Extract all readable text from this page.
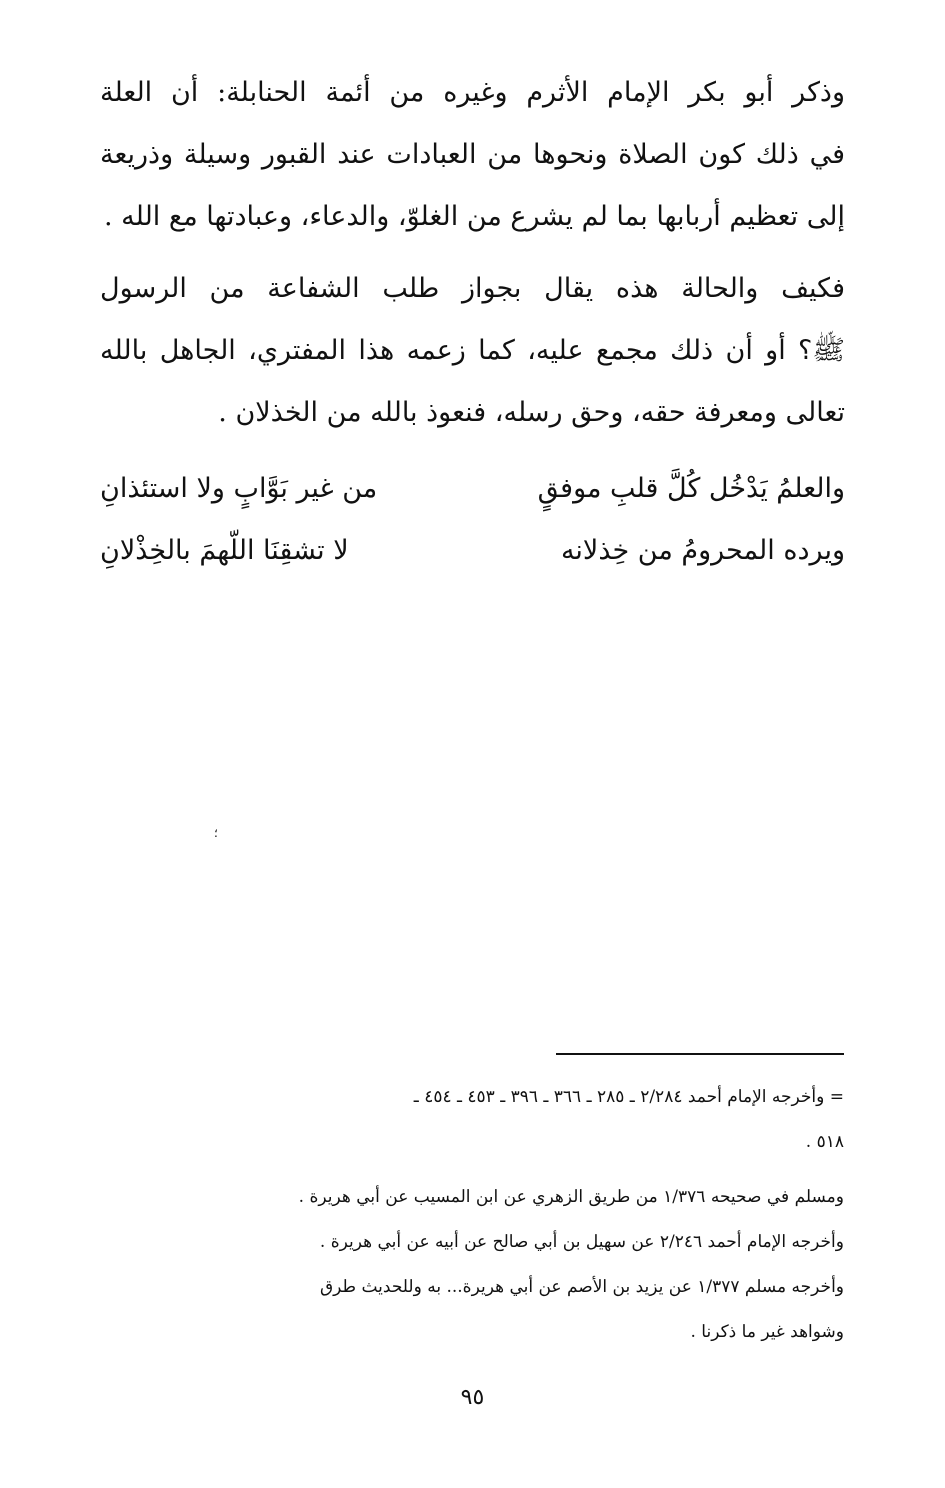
وذكر أبو بكر الإمام الأثرم وغيره من أئمة الحنابلة: أن العلة
في ذلك كون الصلاة ونحوها من العبادات عند القبور وسيلة وذريعة
إلى تعظيم أربابها بما لم يشرع من الغلوّ، والدعاء، وعبادتها مع الله .
فكيف والحالة هذه يقال بجواز طلب الشفاعة من الرسول
ﷺ؟ أو أن ذلك مجمع عليه، كما زعمه هذا المفتري، الجاهل بالله
تعالى ومعرفة حقه، وحق رسله، فنعوذ بالله من الخذلان .
والعلمُ يَدْخُل كُلَّ قلبِ موفقٍ
من غير بَوَّابٍ ولا استئذانِ
ويرده المحرومُ من خِذلانه
لا تشقِنَا اللّهمَ بالخِذْلانِ
؛
= وأخرجه الإمام أحمد ٢/٢٨٤ ـ ٢٨٥ ـ ٣٦٦ ـ ٣٩٦ ـ ٤٥٣ ـ ٤٥٤ ـ
٥١٨ .
ومسلم في صحيحه ١/٣٧٦ من طريق الزهري عن ابن المسيب عن أبي هريرة .
وأخرجه الإمام أحمد ٢/٢٤٦ عن سهيل بن أبي صالح عن أبيه عن أبي هريرة .
وأخرجه مسلم ١/٣٧٧ عن يزيد بن الأصم عن أبي هريرة... به وللحديث طرق
وشواهد غير ما ذكرنا .
٩٥
